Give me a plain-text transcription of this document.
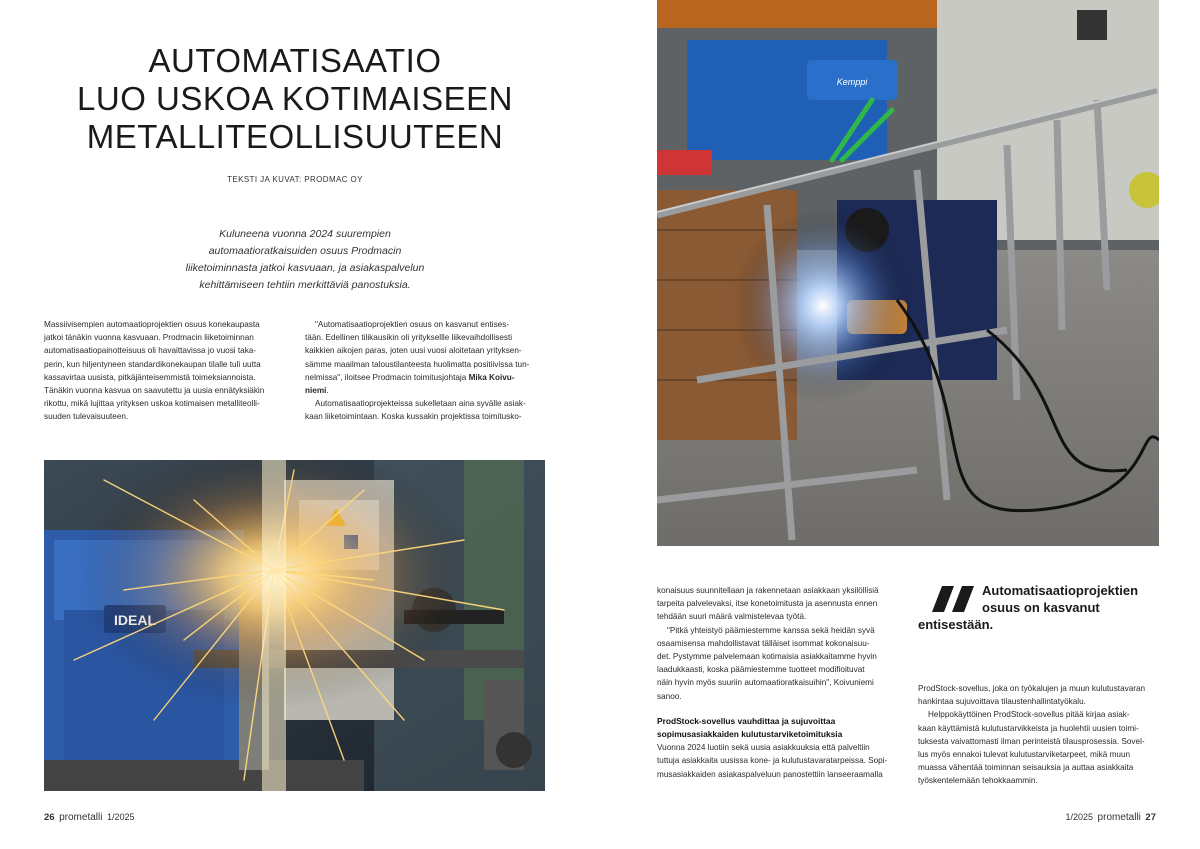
AUTOMATISAATIO
LUO USKOA KOTIMAISEEN
METALLITEOLLISUUTEEN
TEKSTI JA KUVAT: PRODMAC OY
Kuluneena vuonna 2024 suurempien
automaatioratkaisuiden osuus Prodmacin
liiketoiminnasta jatkoi kasvuaan, ja asiakaspalvelun
kehittämiseen tehtiin merkittäviä panostuksia.
Massiivisempien automaatioprojektien osuus konekaupasta
jatkoi tänäkin vuonna kasvuaan. Prodmacin liiketoiminnan
automatisaatiopainotteisuus oli havaittavissa jo vuosi taka-
perin, kun hiljentyneen standardikonekaupan tilalle tuli uutta
kassavirtaa uusista, pitkäjänteisemmistä toimeksiannoista.
Tänäkin vuonna kasvua on saavutettu ja uusia ennätyksiäkin
rikottu, mikä lujittaa yrityksen uskoa kotimaisen metalliteolli-
suuden tulevaisuuteen.
"Automatisaatioprojektien osuus on kasvanut entises-
tään. Edellinen tilikausikin oli yrityksellle liikevaihdollisesti
kaikkien aikojen paras, joten uusi vuosi aloitetaan yrityksen-
sämme maailman taloustilanteesta huolimatta positiivissa tun-
nelmissa", iloitsee Prodmacin toimitusjohtaja Mika Koivu-
niemi.
Automatisaatioprojekteissa sukelletaan aina syvälle asiak-
kaan liiketoimintaan. Koska kussakin projektissa toimitusko-
26 prometalli 1/2025
konaisuus suunnitellaan ja rakennetaan asiakkaan yksilöllisiä
tarpeita palvelevaksi, itse konetoimitusta ja asennusta ennen
tehdään suuri määrä valmistelevaa työtä.
"Pitkä yhteistyö päämiestemme kanssa sekä heidän syvä
osaamisensa mahdollistavat tälläiset isommat kokonaisuu-
det. Pystymme palvelemaan kotimaisia asiakkaitamme hyvin
laadukkaasti, koska päämiestemme tuotteet modifioituvat
näin hyvin myös suuriin automaatioratkaisuihin", Koivuniemi
sanoo.
ProdStock-sovellus vauhdittaa ja sujuvoittaa
sopimusasiakkaiden kulutustarviketoimituksia
Vuonna 2024 luotiin sekä uusia asiakkuuksia että palveltiin
tuttuja asiakkaita uusissa kone- ja kulutustavaratarpeissa. Sopi-
musasiakkaiden asiakaspalveluun panostettiin lanseeraamalla
Automatisaatioprojektien
osuus on kasvanut
entisestään.
ProdStock-sovellus, joka on työkalujen ja muun kulutustavaran
hankintaa sujuvoittava tilaustenhallintatyökalu.
Helppokäyttöinen ProdStock-sovellus pitää kirjaa asiak-
kaan käyttämistä kulutustarvikkeista ja huolehtii uusien toimi-
tuksesta vaivattomasti ilman perinteistä tilausprosessia. Sovel-
lus myös ennakoi tulevat kulutustarviketarpeet, mikä muun
muassa vähentää toiminnan seisauksia ja auttaa asiakkaita
työskentelemään tehokkaammin.
1/2025 prometalli 27
